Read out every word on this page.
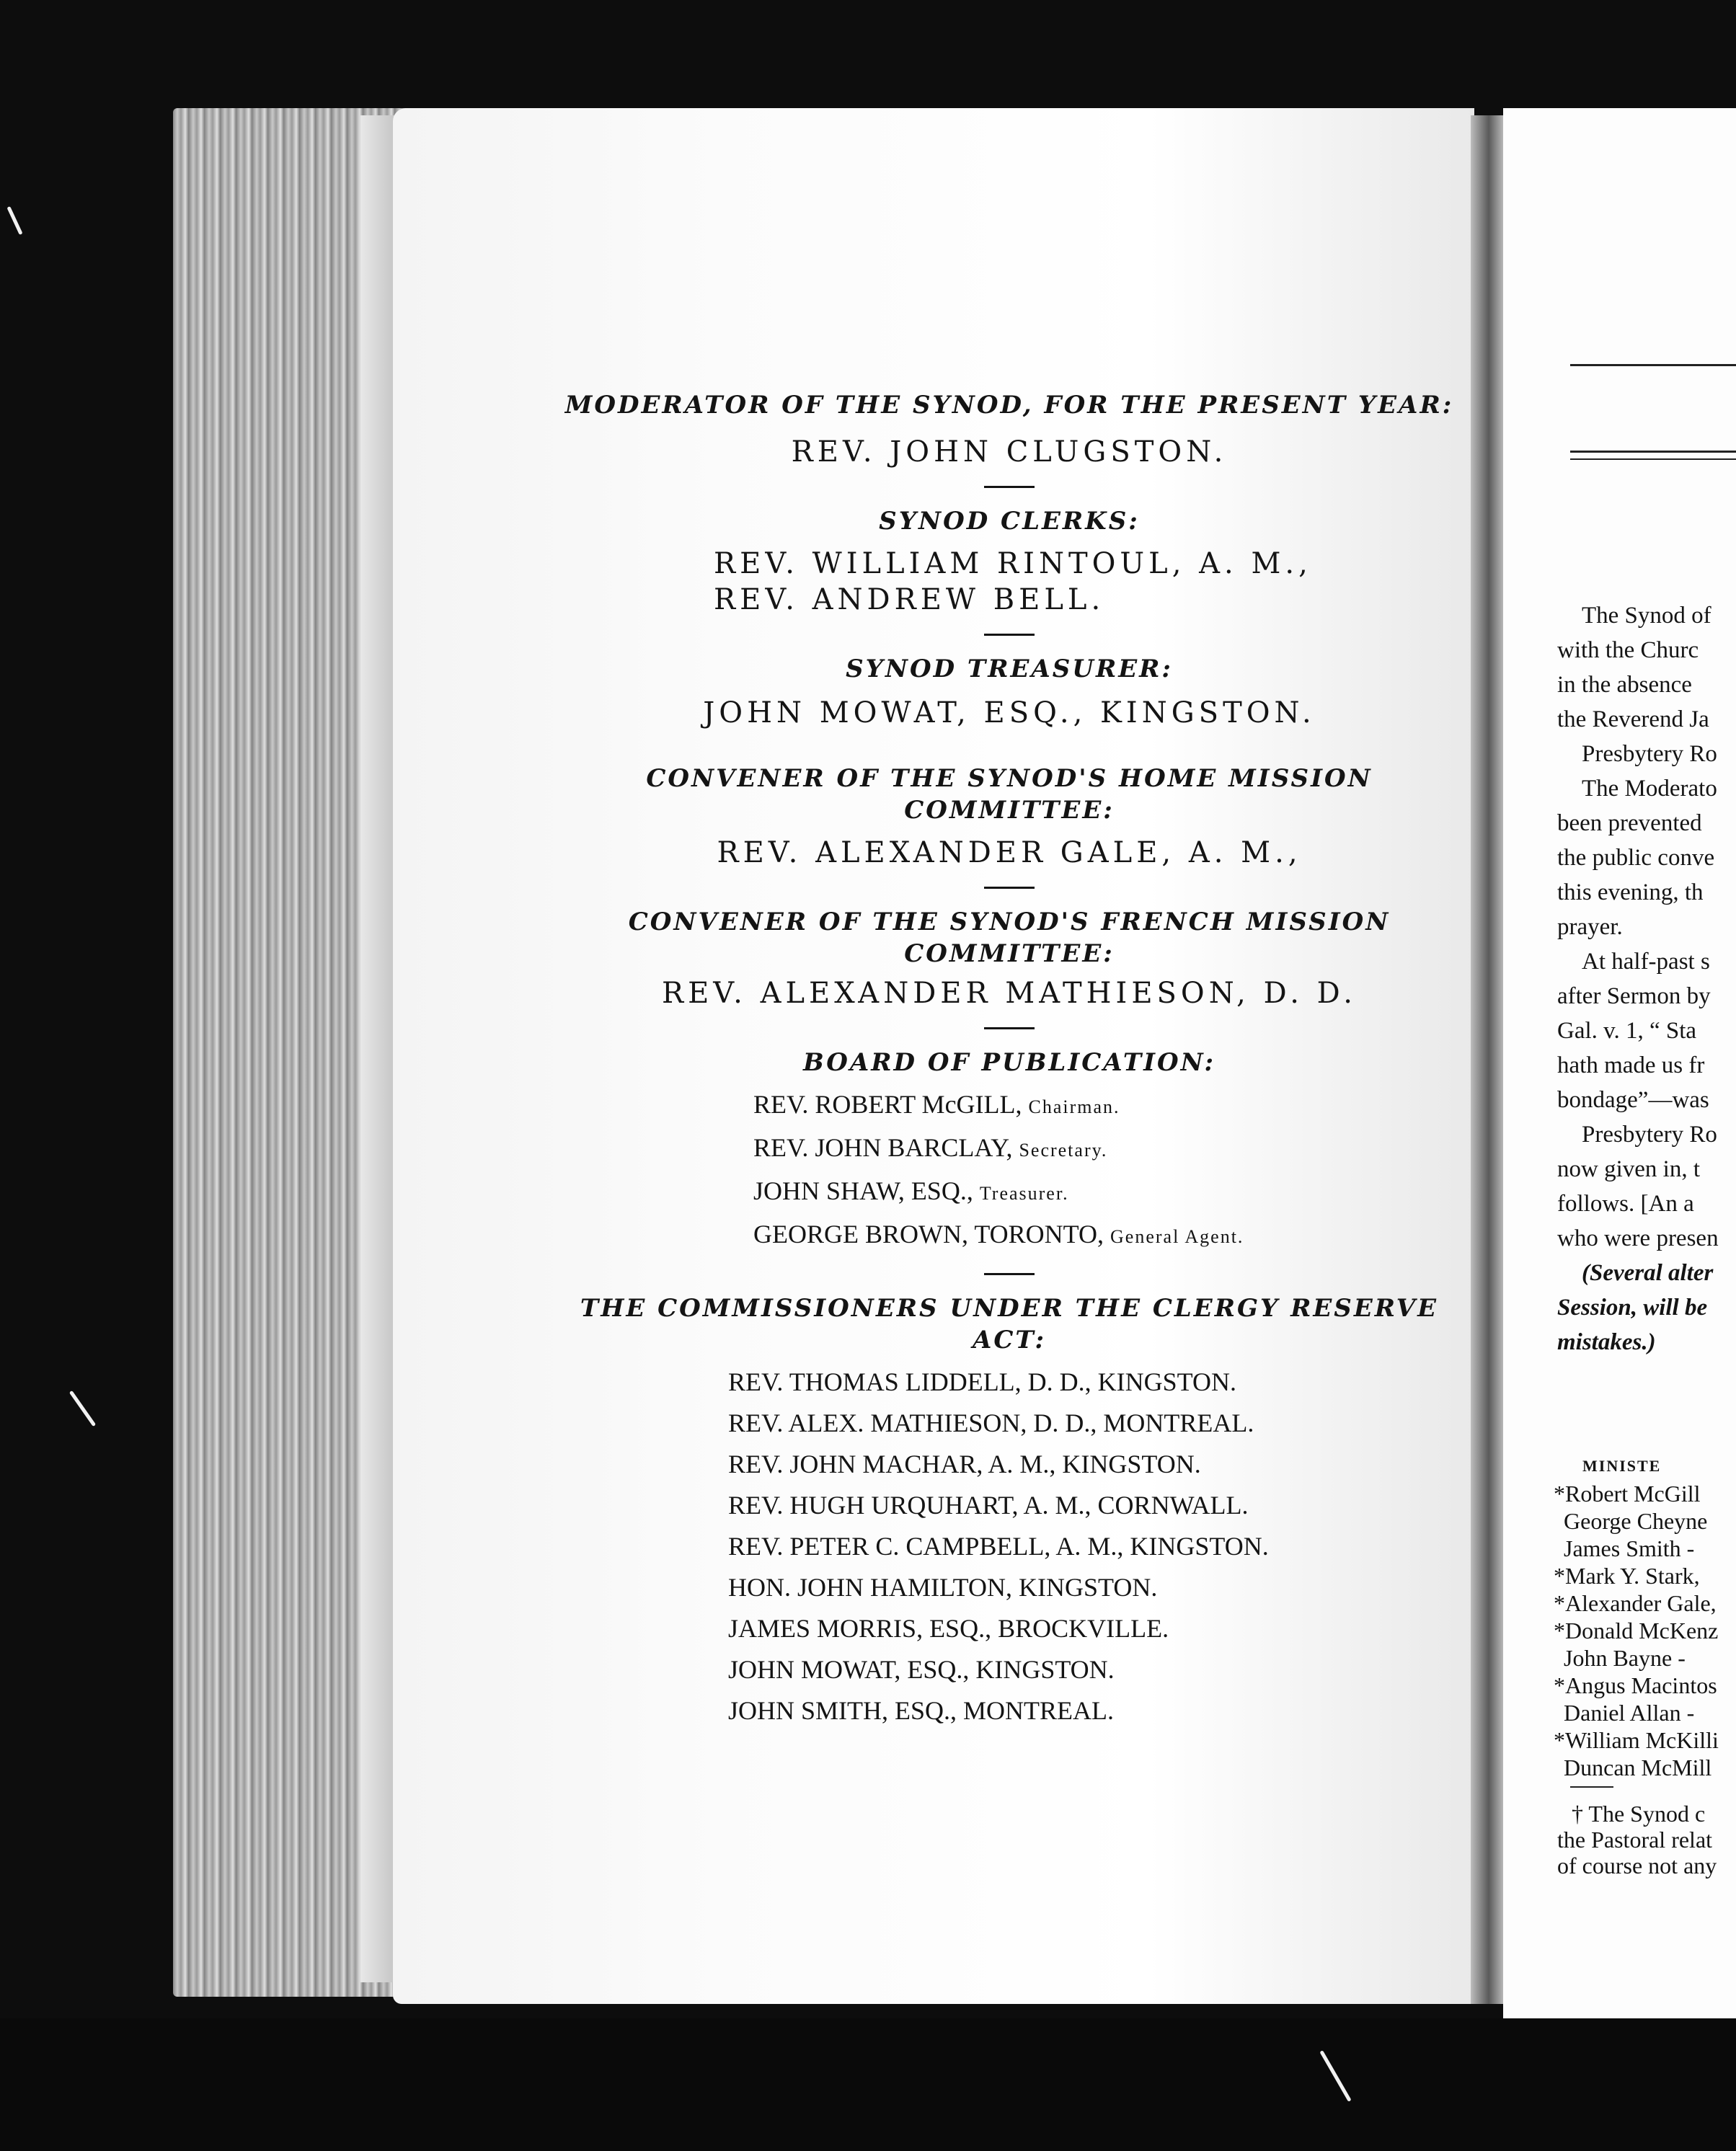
MODERATOR OF THE SYNOD, FOR THE PRESENT YEAR:
REV. JOHN CLUGSTON.
SYNOD CLERKS:
REV. WILLIAM RINTOUL, A. M.,
REV. ANDREW BELL.
SYNOD TREASURER:
JOHN MOWAT, ESQ., KINGSTON.
CONVENER OF THE SYNOD'S HOME MISSION COMMITTEE:
REV. ALEXANDER GALE, A. M.,
CONVENER OF THE SYNOD'S FRENCH MISSION COMMITTEE:
REV. ALEXANDER MATHIESON, D. D.
BOARD OF PUBLICATION:
REV. ROBERT McGILL, Chairman.
REV. JOHN BARCLAY, Secretary.
JOHN SHAW, ESQ., Treasurer.
GEORGE BROWN, TORONTO, General Agent.
THE COMMISSIONERS UNDER THE CLERGY RESERVE ACT:
REV. THOMAS LIDDELL, D. D., KINGSTON.
REV. ALEX. MATHIESON, D. D., MONTREAL.
REV. JOHN MACHAR, A. M., KINGSTON.
REV. HUGH URQUHART, A. M., CORNWALL.
REV. PETER C. CAMPBELL, A. M., KINGSTON.
HON. JOHN HAMILTON, KINGSTON.
JAMES MORRIS, ESQ., BROCKVILLE.
JOHN MOWAT, ESQ., KINGSTON.
JOHN SMITH, ESQ., MONTREAL.
The Synod of
with the Churc
in the absence
the Reverend Ja
Presbytery Ro
The Moderato
been prevented
the public conve
this evening, th
prayer.
At half-past s
after Sermon by
Gal. v. 1, “ Sta
hath made us fr
bondage”—was
Presbytery Ro
now given in, t
follows. [An a
who were presen
(Several alter
Session, will be
mistakes.)
MINISTE
*Robert McGill
George Cheyne
James Smith -
*Mark Y. Stark,
*Alexander Gale,
*Donald McKenz
John Bayne -
*Angus Macintos
Daniel Allan -
*William McKilli
Duncan McMill
† The Synod c
the Pastoral relat
of course not any
